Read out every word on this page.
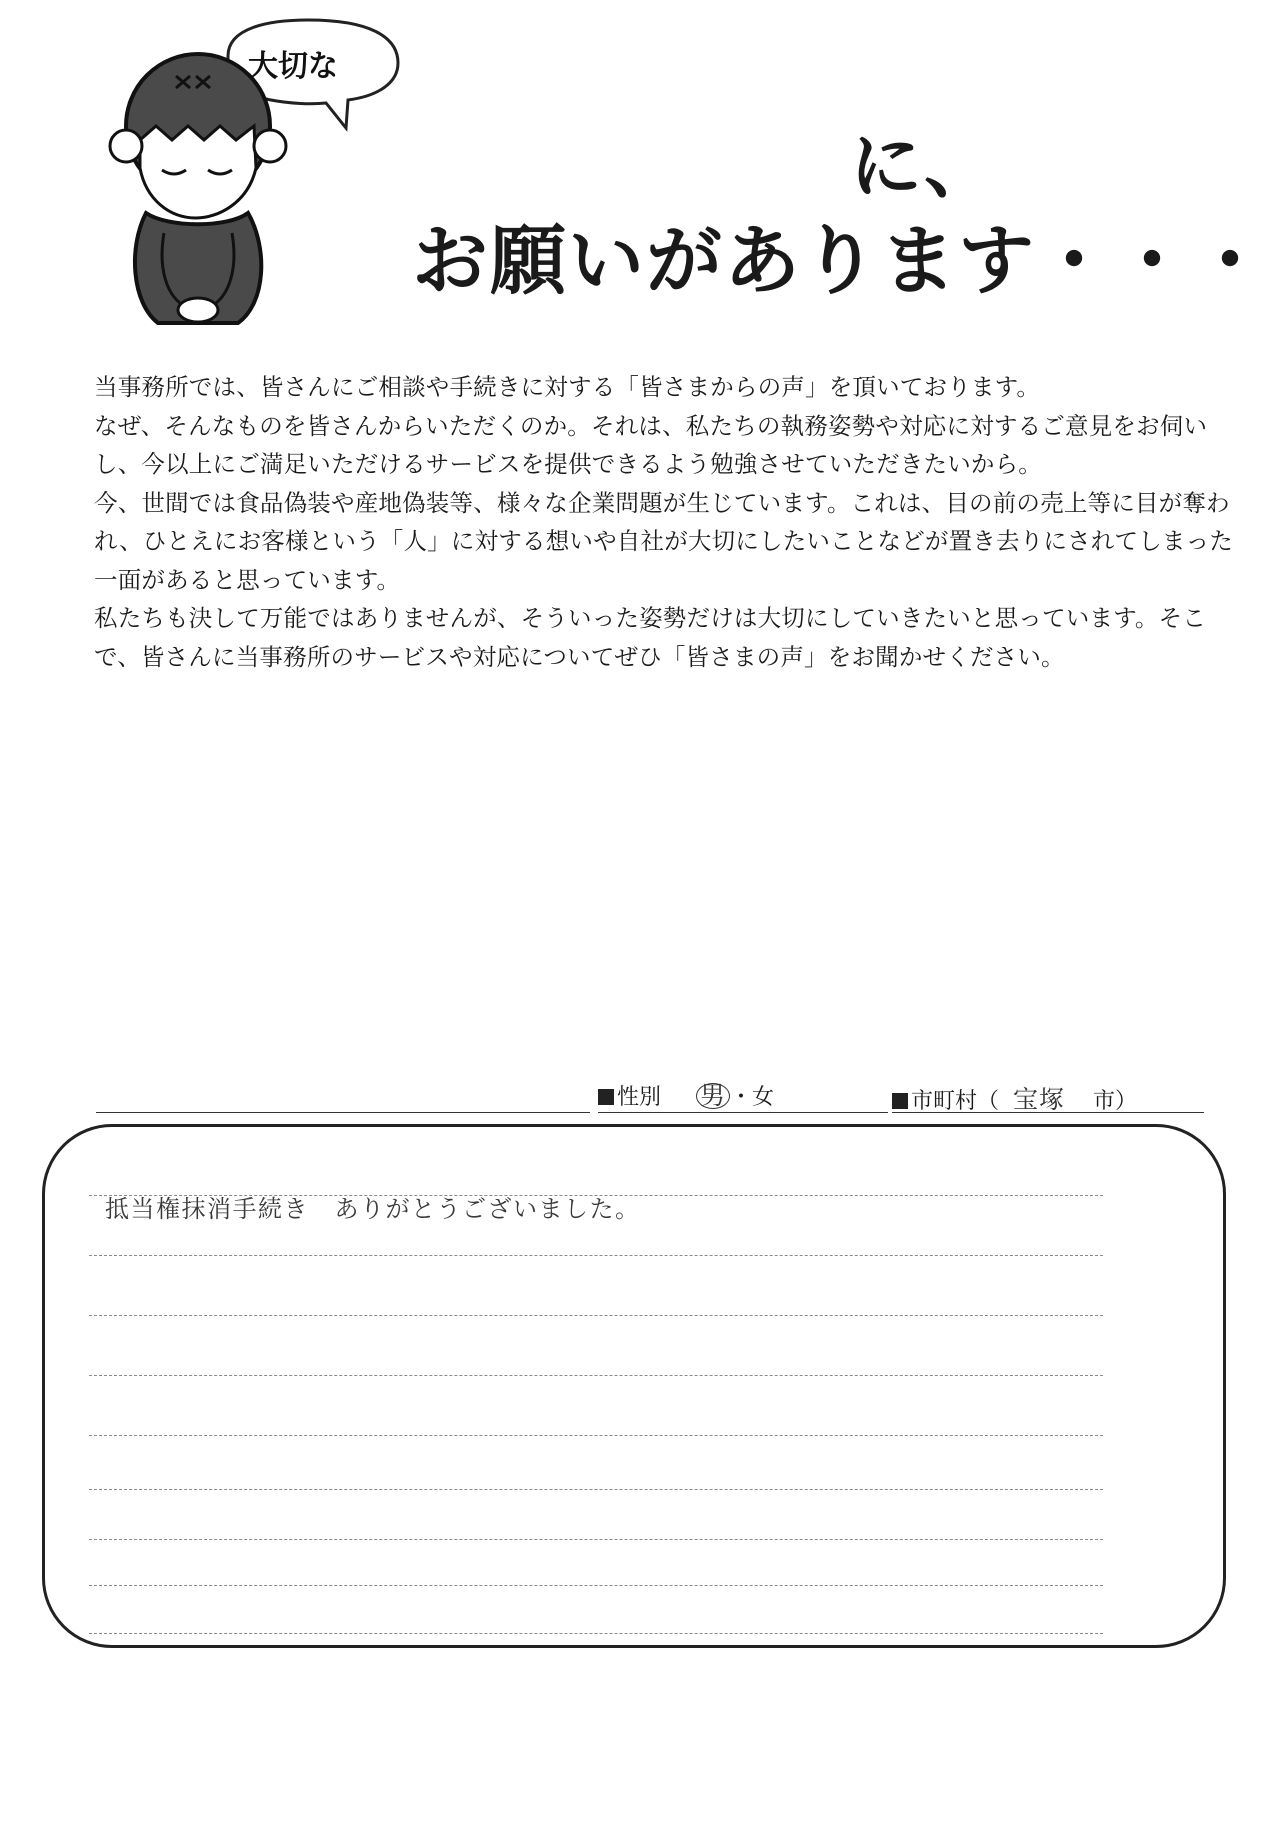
大切な
に、
お願いがあります・・・

当事務所では、皆さんにご相談や手続きに対する「皆さまからの声」を頂いております。

なぜ、そんなものを皆さんからいただくのか。それは、私たちの執務姿勢や対応に対するご意見をお伺いし、今以上にご満足いただけるサービスを提供できるよう勉強させていただきたいから。

今、世間では食品偽装や産地偽装等、様々な企業問題が生じています。これは、目の前の売上等に目が奪われ、ひとえにお客様という「人」に対する想いや自社が大切にしたいことなどが置き去りにされてしまった一面があると思っています。

私たちも決して万能ではありませんが、そういった姿勢だけは大切にしていきたいと思っています。そこで、皆さんに当事務所のサービスや対応についてぜひ「皆さまの声」をお聞かせください。

性別 男 ・女	市町村（ 宝塚 市）
抵当権抹消手続き　ありがとうございました。
